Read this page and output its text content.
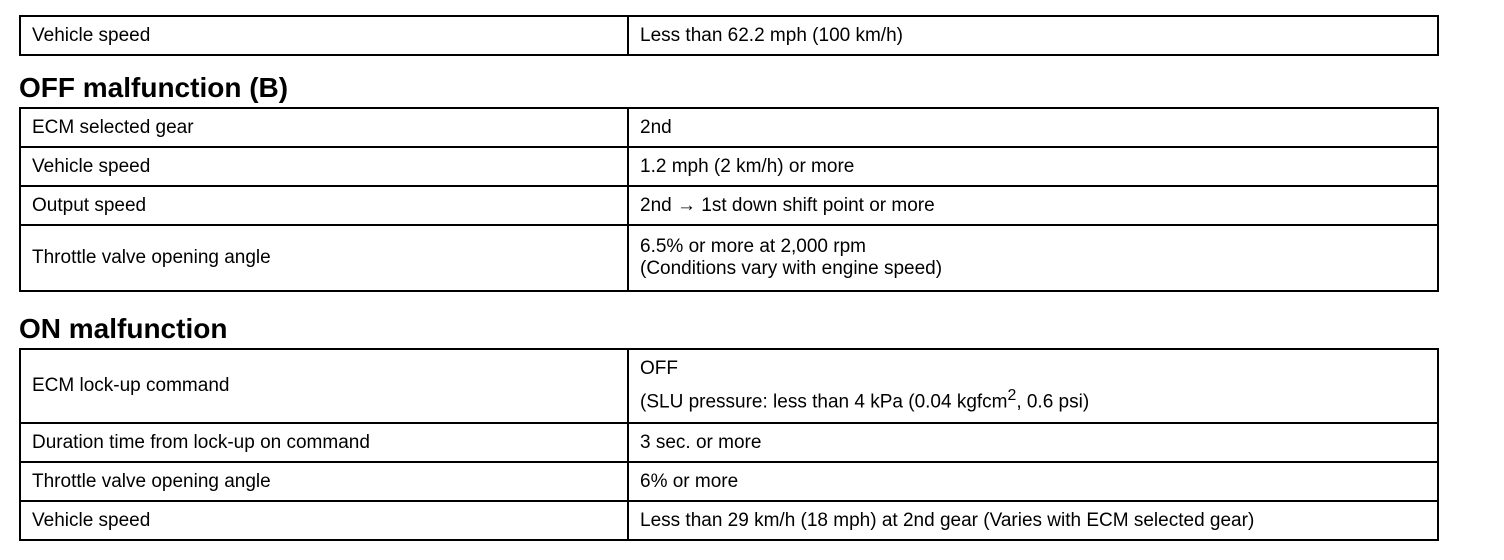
Vehicle speed	Less than 62.2 mph (100 km/h)
OFF malfunction (B)
ECM selected gear	2nd
Vehicle speed	1.2 mph (2 km/h) or more
Output speed	2nd → 1st down shift point or more
Throttle valve opening angle	6.5% or more at 2,000 rpm
(Conditions vary with engine speed)
ON malfunction
ECM lock-up command	OFF
(SLU pressure: less than 4 kPa (0.04 kgfcm$^2$, 0.6 psi)

Duration time from lock-up on command	3 sec. or more
Throttle valve opening angle	6% or more
Vehicle speed	Less than 29 km/h (18 mph) at 2nd gear (Varies with ECM selected gear)
